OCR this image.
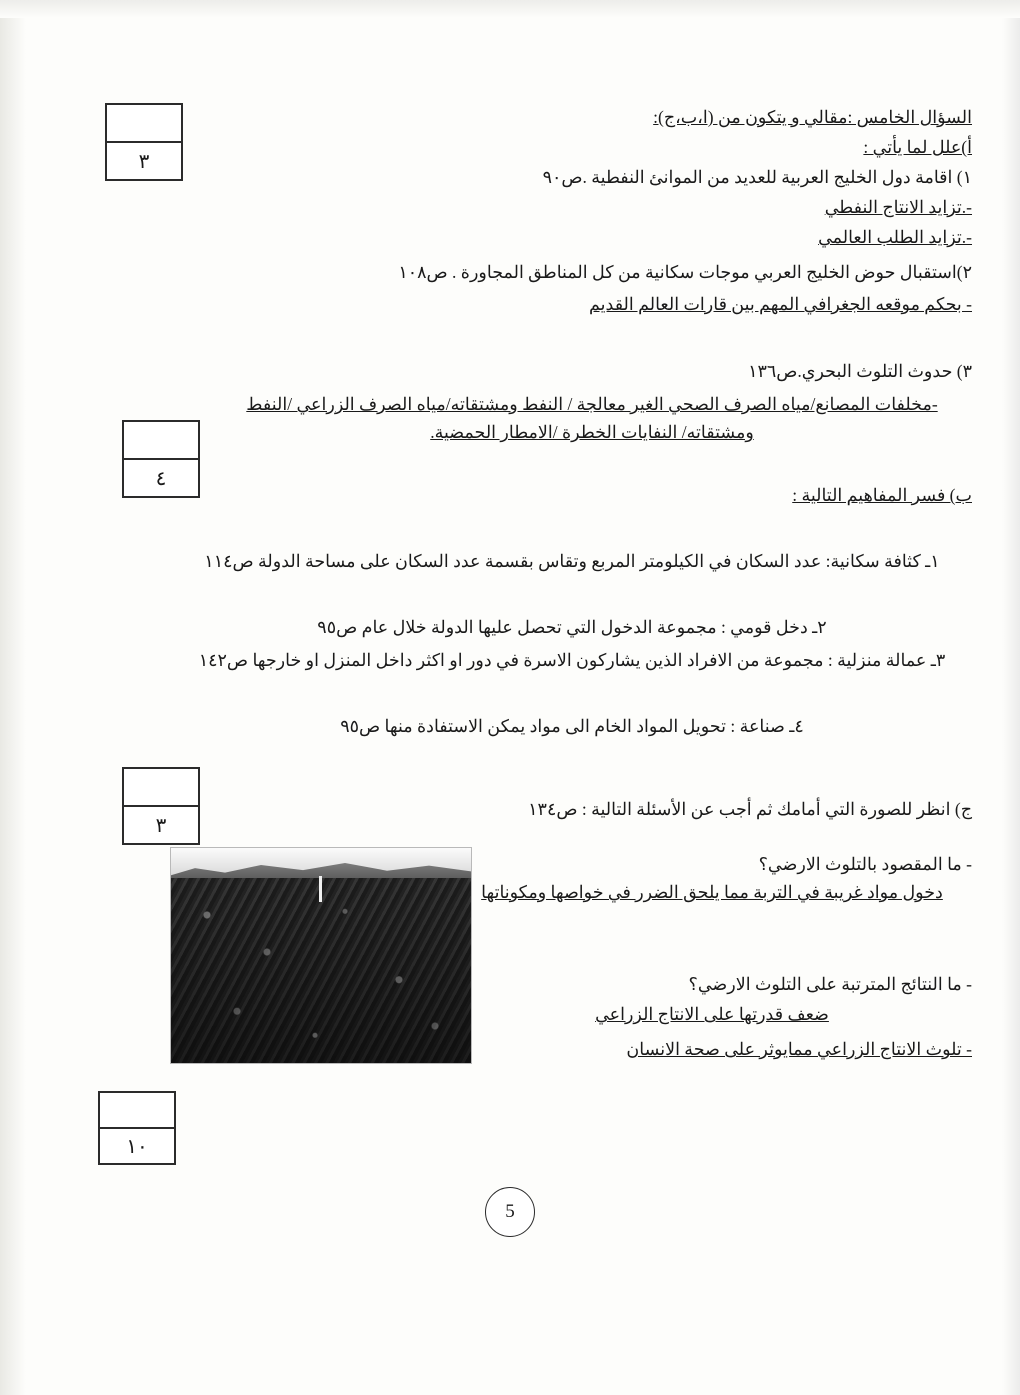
٣
٤
٣
١٠
السؤال الخامس :مقالي و يتكون من (ا،ب،ج):
أ)علل لما يأتي :
١) اقامة دول الخليج العربية للعديد من الموانئ النفطية .ص٩٠
-.تزايد الانتاج النفطي
-.تزايد الطلب العالمي
٢)استقبال حوض الخليج العربي موجات سكانية من كل المناطق المجاورة . ص١٠٨
- بحكم موقعه الجغرافي المهم بين قارات العالم القديم
٣) حدوث التلوث البحري.ص١٣٦
-مخلفات المصانع/مياه الصرف الصحي الغير معالجة / النفط ومشتقاته/مياه الصرف الزراعي /النفط ومشتقاته/ النفايات الخطرة /الامطار الحمضية.
ب) فسر المفاهيم التالية :
١ـ كثافة سكانية: عدد السكان في الكيلومتر المربع وتقاس بقسمة عدد السكان على مساحة الدولة ص١١٤
٢ـ دخل قومي : مجموعة الدخول التي تحصل عليها الدولة خلال عام ص٩٥
٣ـ عمالة منزلية : مجموعة من الافراد الذين يشاركون الاسرة في دور او اكثر داخل المنزل او خارجها ص١٤٢
٤ـ صناعة : تحويل المواد الخام الى مواد يمكن الاستفادة منها ص٩٥
ج) انظر للصورة التي أمامك ثم أجب عن الأسئلة التالية : ص١٣٤
- ما المقصود بالتلوث الارضي؟
دخول مواد غريبة في التربة مما يلحق الضرر في خواصها ومكوناتها
- ما النتائج المترتبة على التلوث الارضي؟
ضعف قدرتها على الانتاج الزراعي
- تلوث الانتاج الزراعي ممايوثر على صحة الانسان
5
